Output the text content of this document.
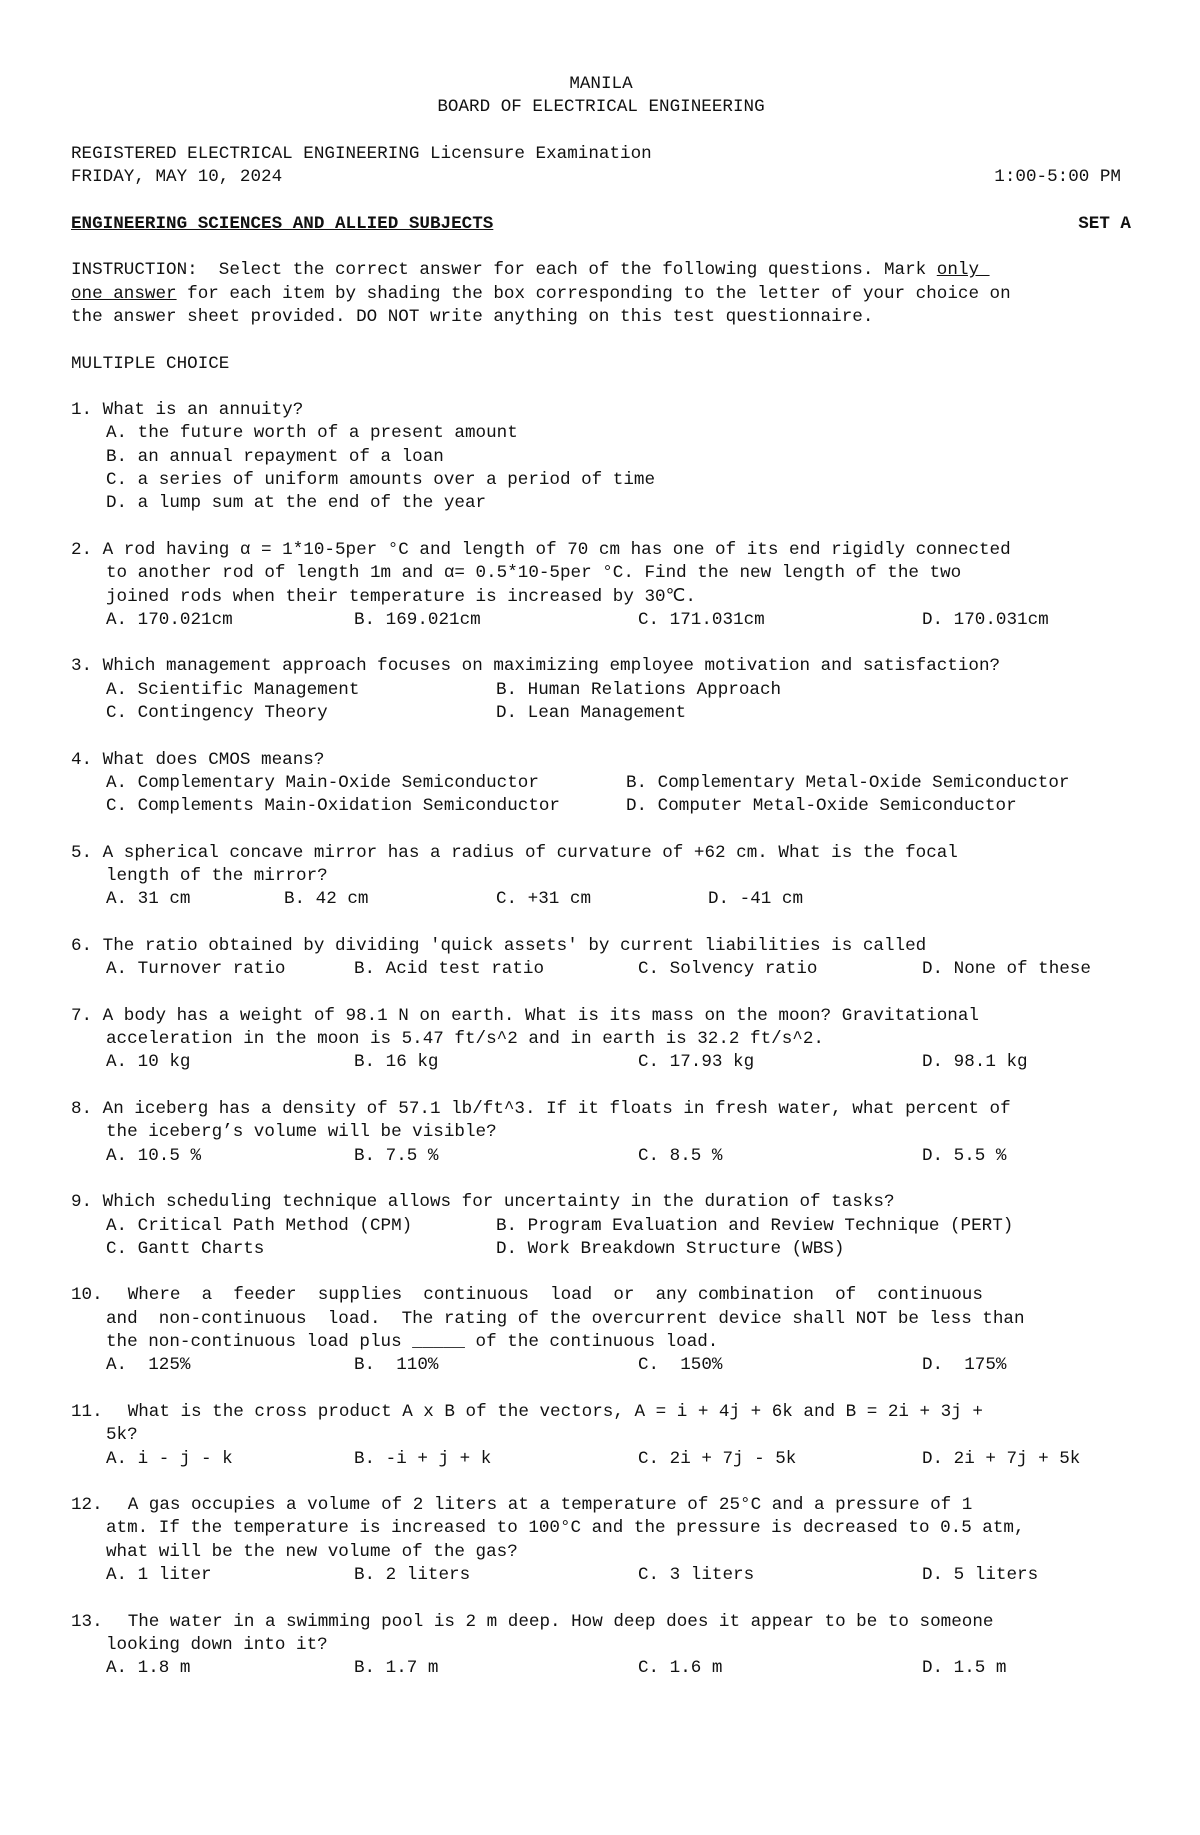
MANILA
BOARD OF ELECTRICAL ENGINEERING
REGISTERED ELECTRICAL ENGINEERING Licensure Examination
FRIDAY, MAY 10, 2024	1:00-5:00 PM

ENGINEERING SCIENCES AND ALLIED SUBJECTS	SET A
INSTRUCTION:  Select the correct answer for each of the following questions. Mark only
one answer for each item by shading the box corresponding to the letter of your choice on
the answer sheet provided. DO NOT write anything on this test questionnaire.
MULTIPLE CHOICE
1. What is an annuity?
A. the future worth of a present amount
B. an annual repayment of a loan
C. a series of uniform amounts over a period of time
D. a lump sum at the end of the year
2. A rod having α = 1*10-5per °C and length of 70 cm has one of its end rigidly connected
to another rod of length 1m and α= 0.5*10-5per °C. Find the new length of the two
joined rods when their temperature is increased by 30℃.
A. 170.021cm	B. 169.021cm	C. 171.031cm	D. 170.031cm
3. Which management approach focuses on maximizing employee motivation and satisfaction?
A. Scientific Management	B. Human Relations Approach
C. Contingency Theory	D. Lean Management
4. What does CMOS means?
A. Complementary Main-Oxide Semiconductor	B. Complementary Metal-Oxide Semiconductor
C. Complements Main-Oxidation Semiconductor	D. Computer Metal-Oxide Semiconductor
5. A spherical concave mirror has a radius of curvature of +62 cm. What is the focal
length of the mirror?
A. 31 cm	B. 42 cm	C. +31 cm	D. -41 cm
6. The ratio obtained by dividing 'quick assets' by current liabilities is called
A. Turnover ratio	B. Acid test ratio	C. Solvency ratio	D. None of these
7. A body has a weight of 98.1 N on earth. What is its mass on the moon? Gravitational
acceleration in the moon is 5.47 ft/s^2 and in earth is 32.2 ft/s^2.
A. 10 kg	B. 16 kg	C. 17.93 kg	D. 98.1 kg
8. An iceberg has a density of 57.1 lb/ft^3. If it floats in fresh water, what percent of
the iceberg’s volume will be visible?
A. 10.5 %	B. 7.5 %	C. 8.5 %	D. 5.5 %
9. Which scheduling technique allows for uncertainty in the duration of tasks?
A. Critical Path Method (CPM)	B. Program Evaluation and Review Technique (PERT)
C. Gantt Charts	D. Work Breakdown Structure (WBS)
10. Where  a  feeder  supplies  continuous  load  or  any combination  of  continuous
and  non-continuous  load.  The rating of the overcurrent device shall NOT be less than
the non-continuous load plus _____ of the continuous load.
A.  125%	B.  110%	C.  150%	D.  175%
11. What is the cross product A x B of the vectors, A = i + 4j + 6k and B = 2i + 3j +
5k?
A. i - j - k	B. -i + j + k	C. 2i + 7j - 5k	D. 2i + 7j + 5k
12. A gas occupies a volume of 2 liters at a temperature of 25°C and a pressure of 1
atm. If the temperature is increased to 100°C and the pressure is decreased to 0.5 atm,
what will be the new volume of the gas?
A. 1 liter	B. 2 liters	C. 3 liters	D. 5 liters
13. The water in a swimming pool is 2 m deep. How deep does it appear to be to someone
looking down into it?
A. 1.8 m	B. 1.7 m	C. 1.6 m	D. 1.5 m
